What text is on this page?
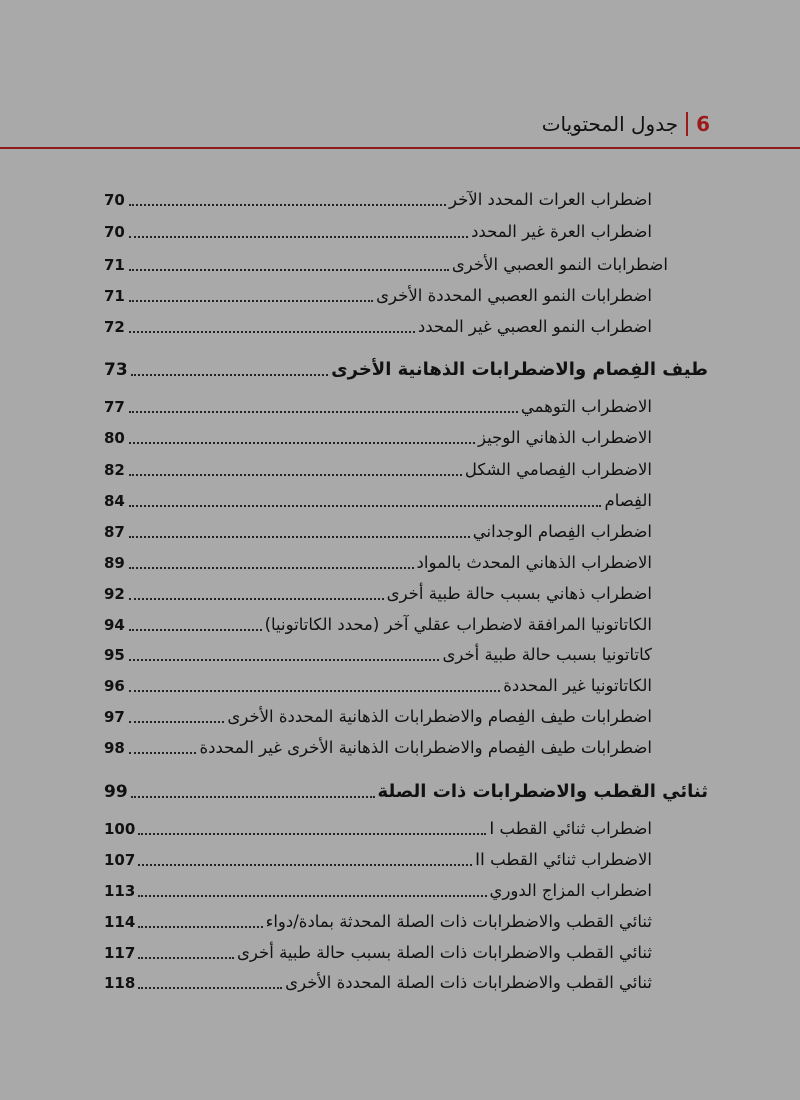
6
جدول المحتويات
اضطراب العرات المحدد الآخر
70
اضطراب العرة غير المحدد
70
اضطرابات النمو العصبي الأخرى
71
اضطرابات النمو العصبي المحددة الأخرى
71
اضطراب النمو العصبي غير المحدد
72
طيف الفِصام والاضطرابات الذهانية الأخرى
73
الاضطراب التوهمي
77
الاضطراب الذهاني الوجيز
80
الاضطراب الفِصامي الشكل
82
الفِصام
84
اضطراب الفِصام الوجداني
87
الاضطراب الذهاني المحدث بالمواد
89
اضطراب ذهاني بسبب حالة طبية أخرى
92
الكاتاتونيا المرافقة لاضطراب عقلي آخر (محدد الكاتاتونيا)
94
كاتاتونيا بسبب حالة طبية أخرى
95
الكاتاتونيا غير المحددة
96
اضطرابات طيف الفِصام والاضطرابات الذهانية المحددة الأخرى
97
اضطرابات طيف الفِصام والاضطرابات الذهانية الأخرى غير المحددة
98
ثنائي القطب والاضطرابات ذات الصلة
99
اضطراب ثنائي القطب I
100
الاضطراب ثنائي القطب II
107
اضطراب المزاج الدوري
113
ثنائي القطب والاضطرابات ذات الصلة المحدثة بمادة/دواء
114
ثنائي القطب والاضطرابات ذات الصلة بسبب حالة طبية أخرى
117
ثنائي القطب والاضطرابات ذات الصلة المحددة الأخرى
118
